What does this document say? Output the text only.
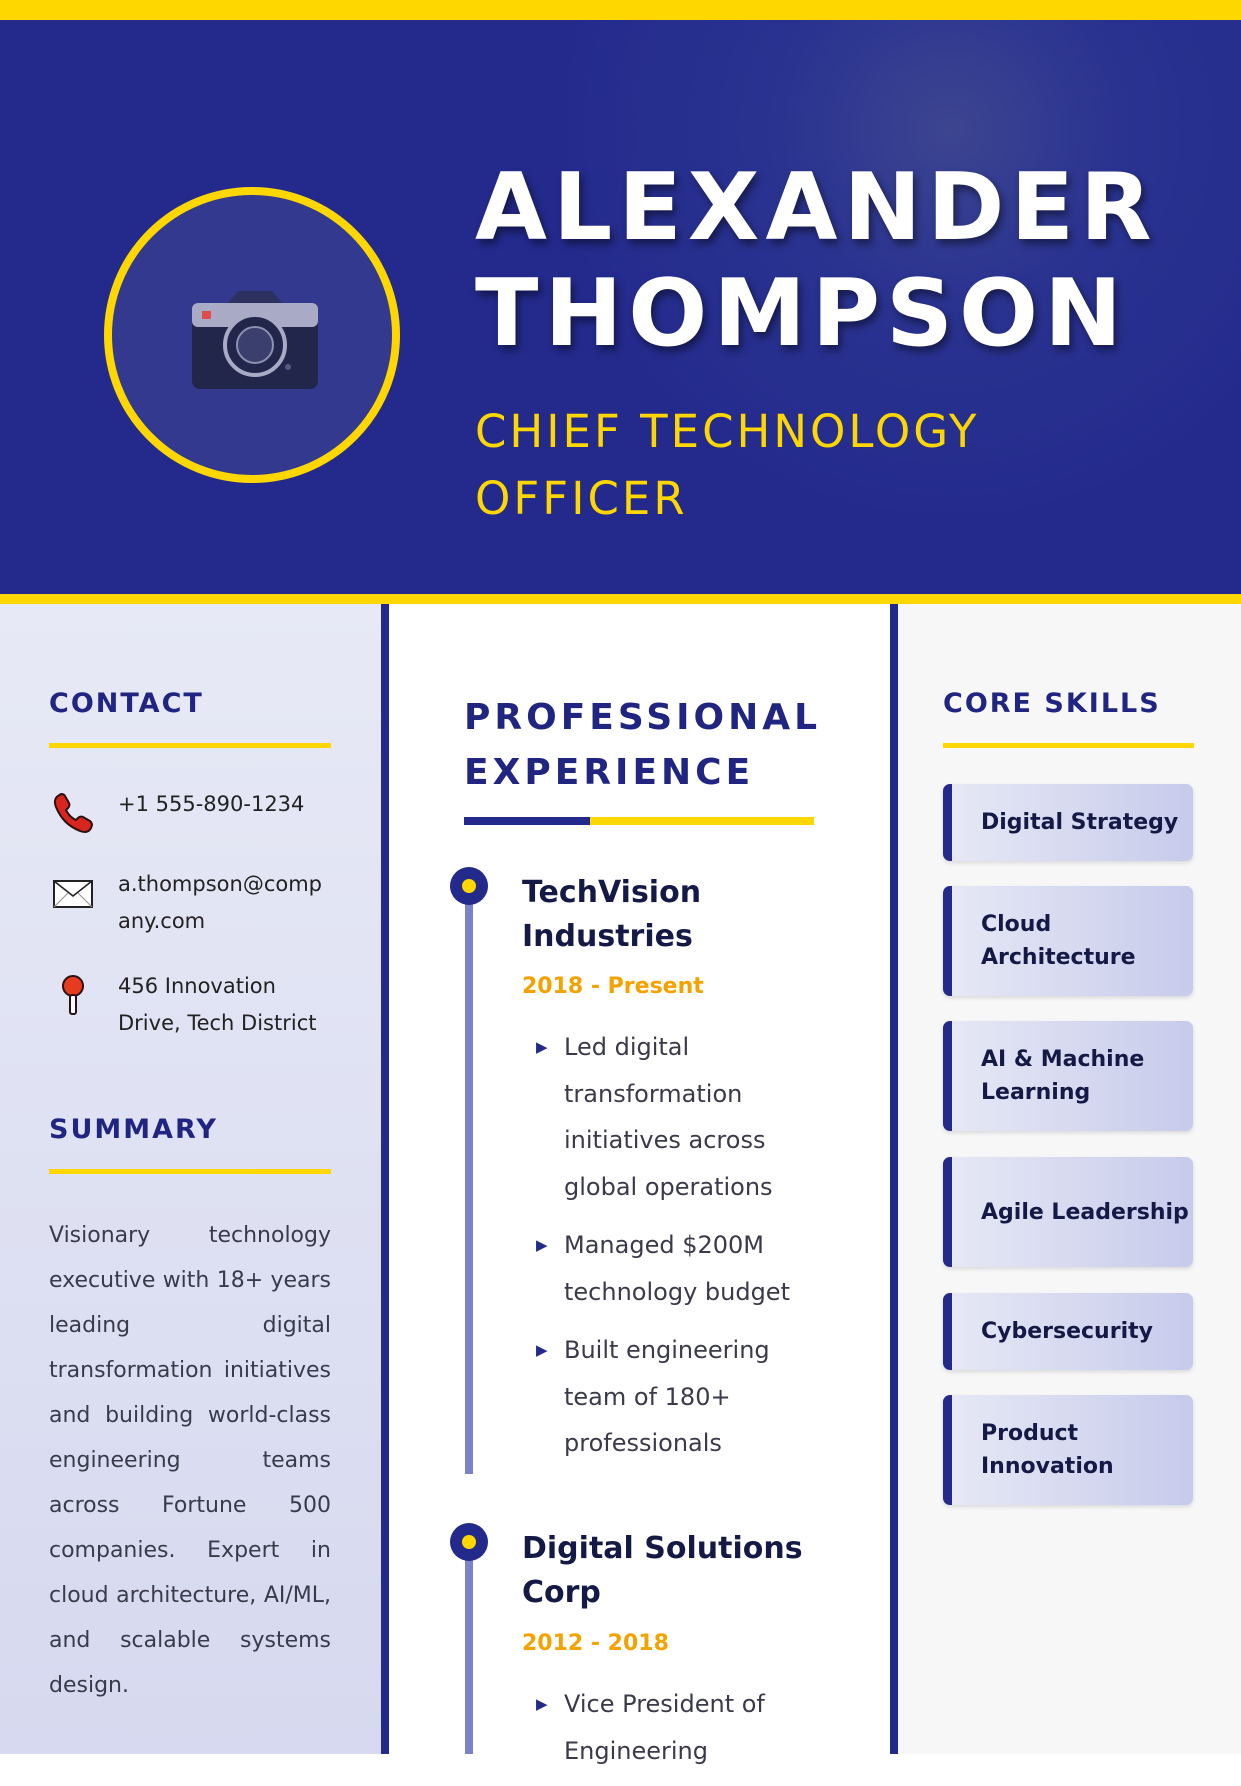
ALEXANDER
THOMPSON
CHIEF TECHNOLOGY
OFFICER
CONTACT
+1 555-890-1234
a.thompson@comp
any.com
456 Innovation
Drive, Tech District
SUMMARY
Visionary technology executive with 18+ years leading digital transformation initiatives and building world-class engineering teams across Fortune 500 companies. Expert in cloud architecture, AI/ML, and scalable systems design.
PROFESSIONAL
EXPERIENCE
TechVision
Industries
2018 - Present
▶ Led digital transformation initiatives across global operations
▶ Managed $200M technology budget
▶ Built engineering team of 180+ professionals
Digital Solutions
Corp
2012 - 2018
▶ Vice President of Engineering
CORE SKILLS
Digital Strategy
Cloud Architecture
AI & Machine Learning
Agile Leadership
Cybersecurity
Product Innovation
